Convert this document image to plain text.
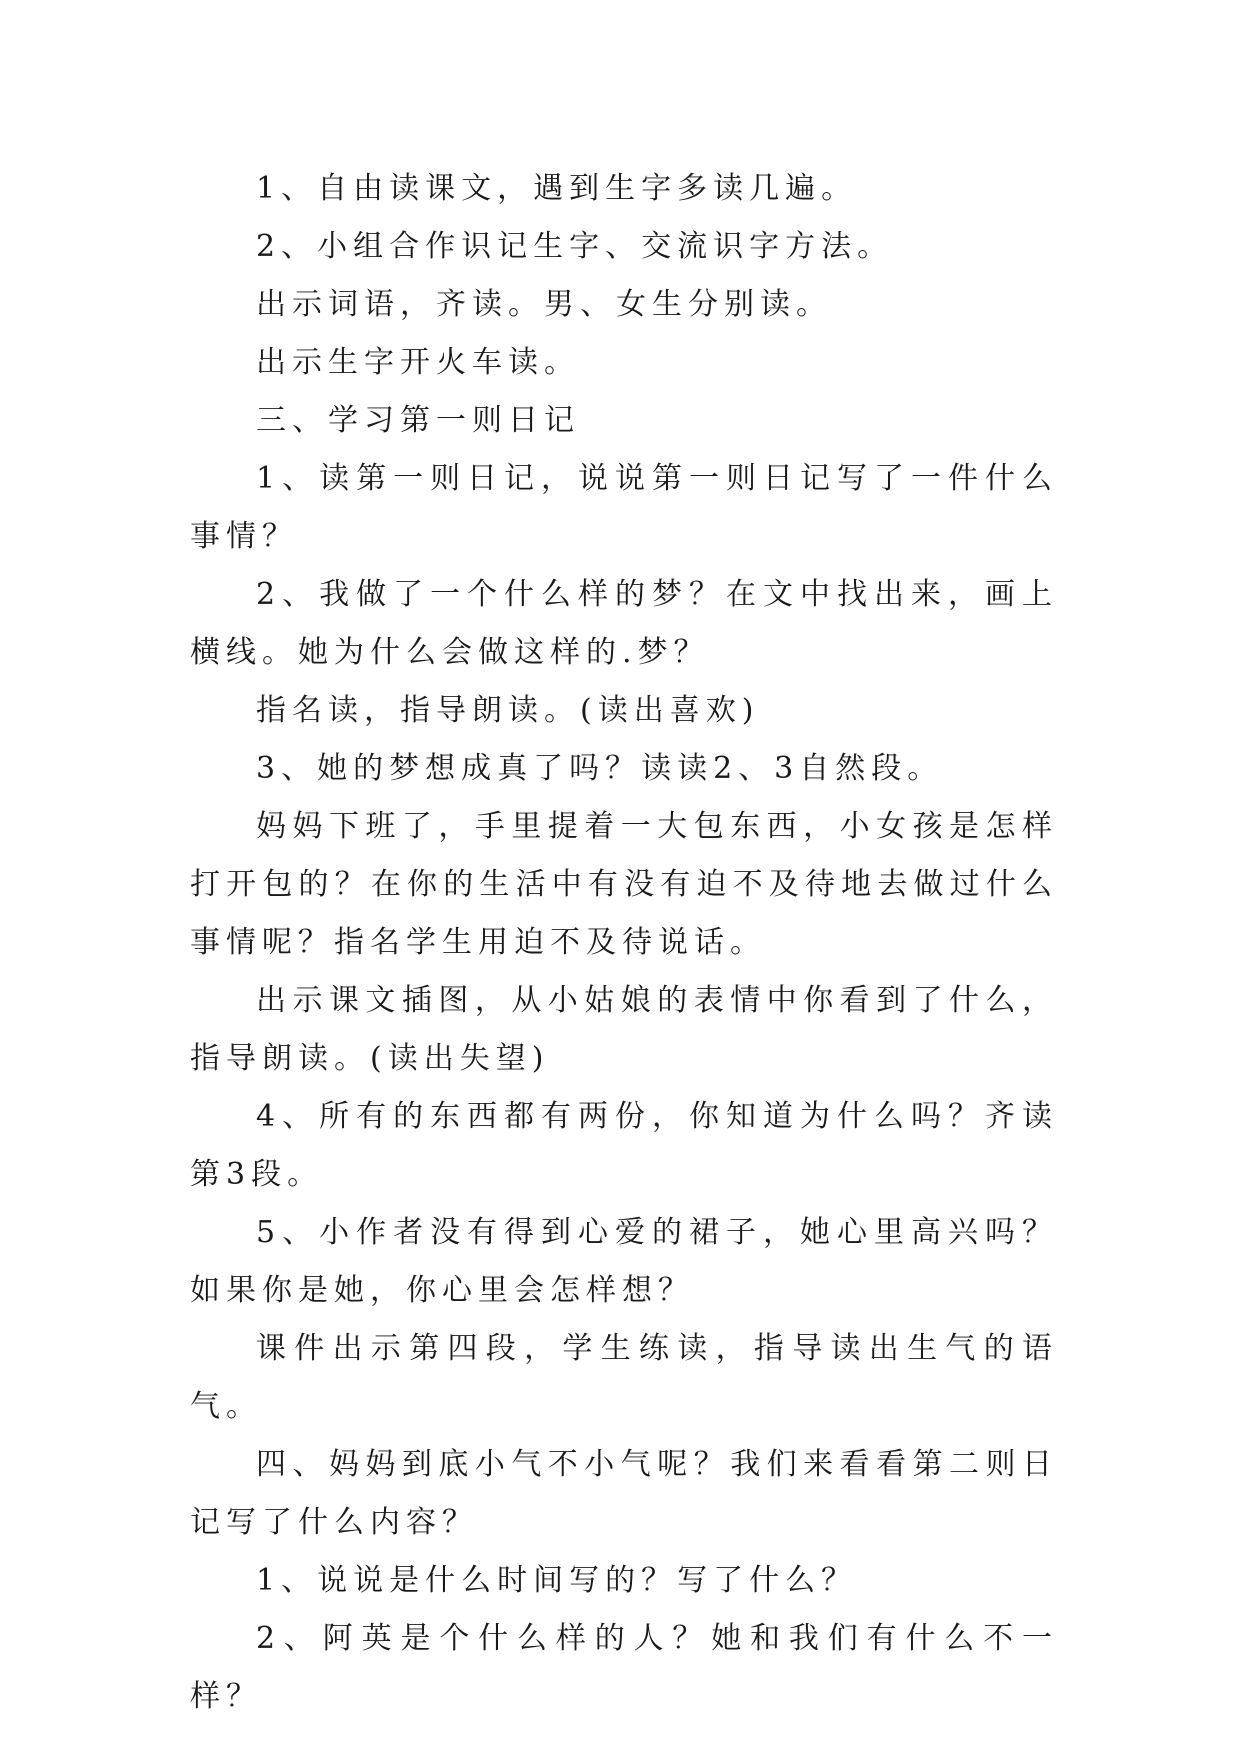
1、自由读课文，遇到生字多读几遍。

2、小组合作识记生字、交流识字方法。

出示词语，齐读。男、女生分别读。

出示生字开火车读。

三、学习第一则日记

1、读第一则日记，说说第一则日记写了一件什么事情？

2、我做了一个什么样的梦？在文中找出来，画上横线。她为什么会做这样的.梦？

指名读，指导朗读。(读出喜欢)

3、她的梦想成真了吗？读读2、3自然段。

妈妈下班了，手里提着一大包东西，小女孩是怎样打开包的？在你的生活中有没有迫不及待地去做过什么事情呢？指名学生用迫不及待说话。

出示课文插图，从小姑娘的表情中你看到了什么，指导朗读。(读出失望)

4、所有的东西都有两份，你知道为什么吗？齐读第3段。

5、小作者没有得到心爱的裙子，她心里高兴吗？如果你是她，你心里会怎样想？

课件出示第四段，学生练读，指导读出生气的语气。

四、妈妈到底小气不小气呢？我们来看看第二则日记写了什么内容？

1、说说是什么时间写的？写了什么？

2、阿英是个什么样的人？她和我们有什么不一样？
